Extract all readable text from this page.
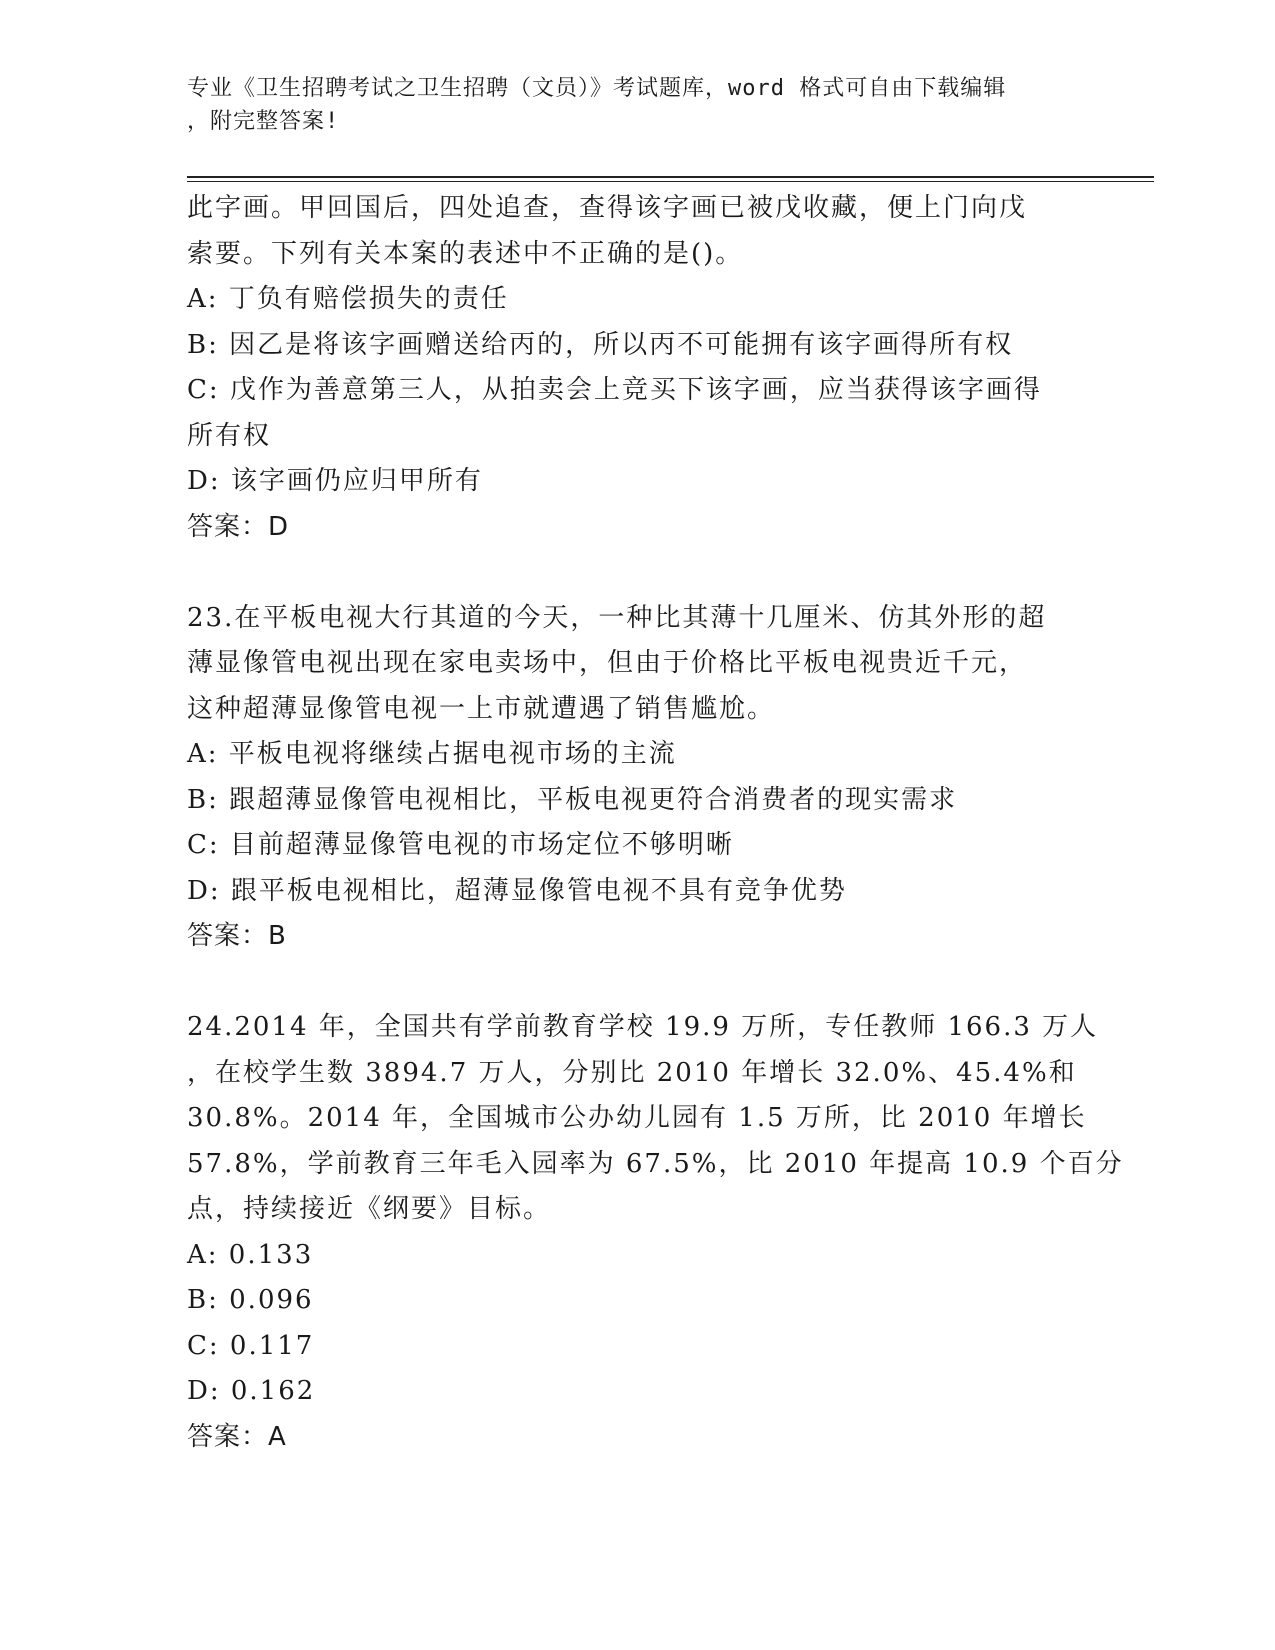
专业《卫生招聘考试之卫生招聘（文员）》考试题库，word 格式可自由下载编辑
，附完整答案!
此字画。甲回国后，四处追查，查得该字画已被戊收藏，便上门向戊
索要。下列有关本案的表述中不正确的是()。
A: 丁负有赔偿损失的责任
B: 因乙是将该字画赠送给丙的，所以丙不可能拥有该字画得所有权
C: 戊作为善意第三人，从拍卖会上竞买下该字画，应当获得该字画得
所有权
D: 该字画仍应归甲所有
答案：D
23.在平板电视大行其道的今天，一种比其薄十几厘米、仿其外形的超
薄显像管电视出现在家电卖场中，但由于价格比平板电视贵近千元，
这种超薄显像管电视一上市就遭遇了销售尴尬。
A: 平板电视将继续占据电视市场的主流
B: 跟超薄显像管电视相比，平板电视更符合消费者的现实需求
C: 目前超薄显像管电视的市场定位不够明晰
D: 跟平板电视相比，超薄显像管电视不具有竞争优势
答案：B
24.2014 年，全国共有学前教育学校 19.9 万所，专任教师 166.3 万人
，在校学生数 3894.7 万人，分别比 2010 年增长 32.0%、45.4%和
30.8%。2014 年，全国城市公办幼儿园有 1.5 万所，比 2010 年增长
57.8%，学前教育三年毛入园率为 67.5%，比 2010 年提高 10.9 个百分
点，持续接近《纲要》目标。
A: 0.133
B: 0.096
C: 0.117
D: 0.162
答案：A
